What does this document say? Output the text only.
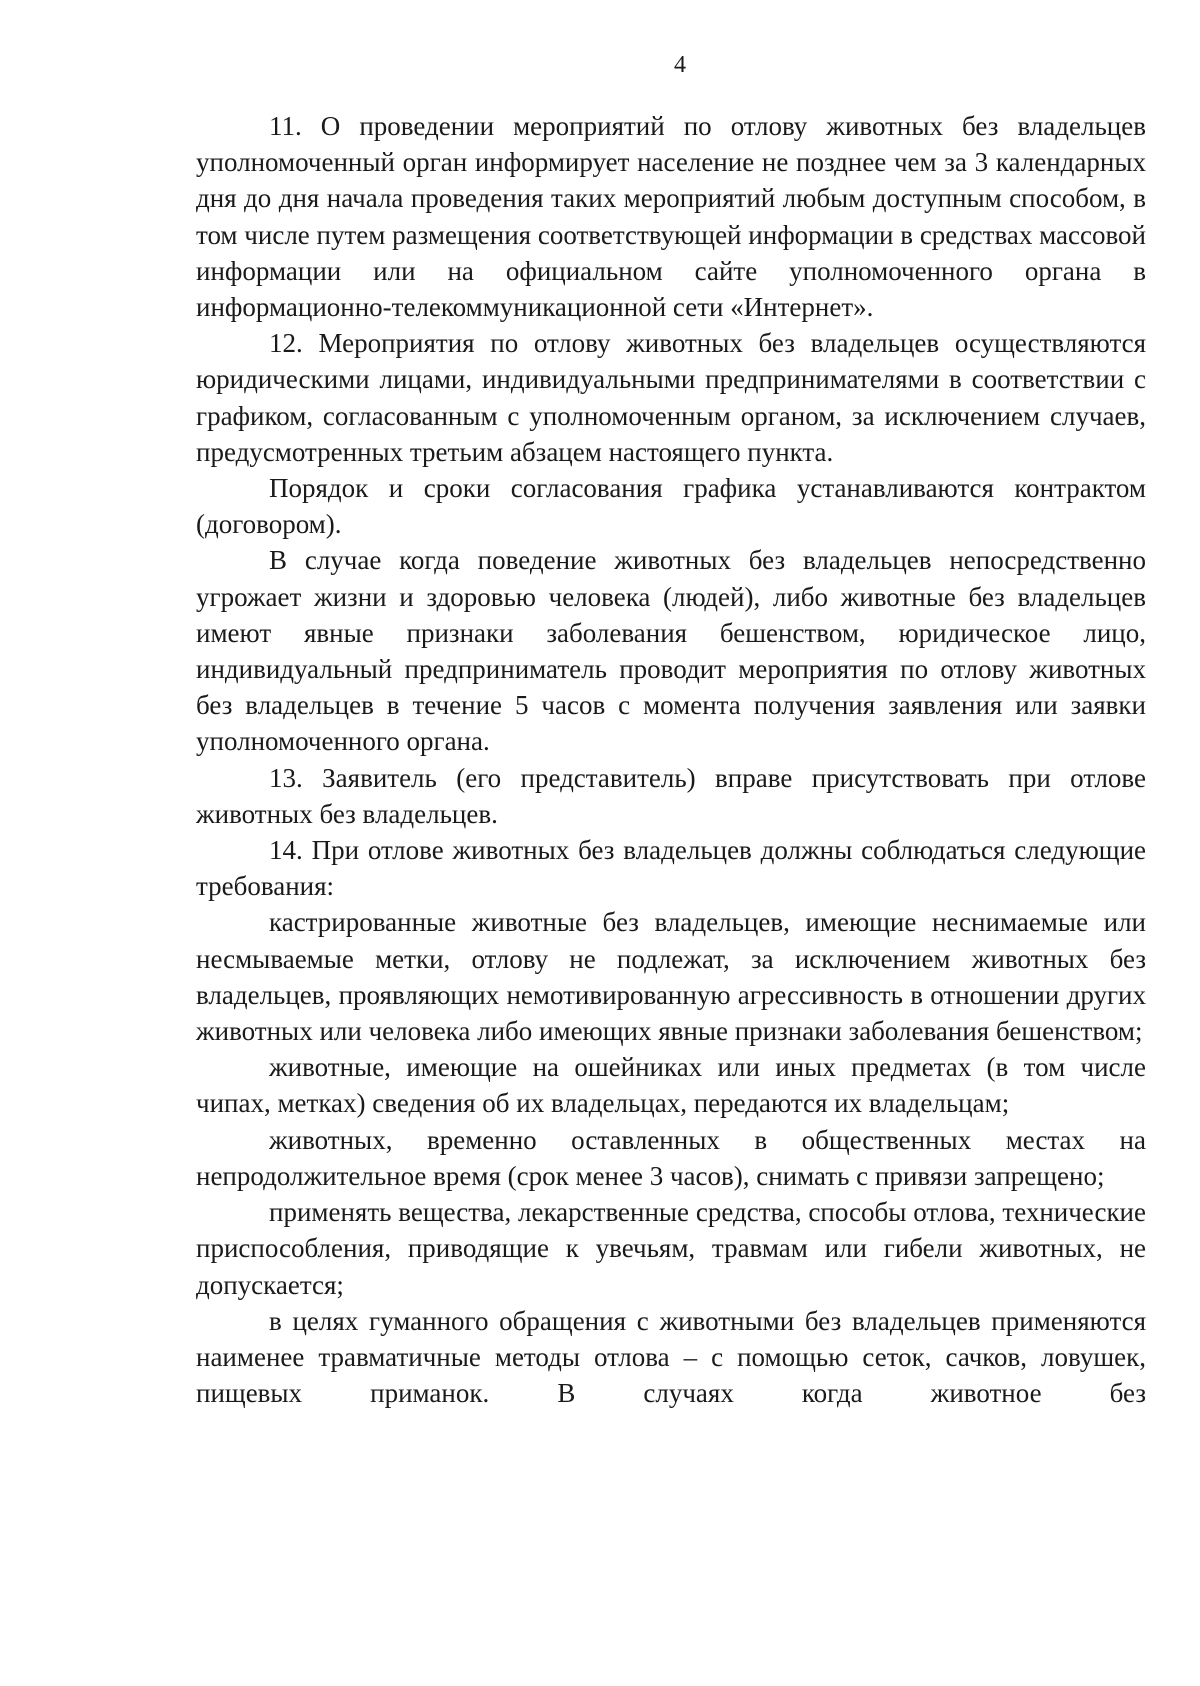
4

11. О проведении мероприятий по отлову животных без владельцев уполномоченный орган информирует население не позднее чем за 3 календарных дня до дня начала проведения таких мероприятий любым доступным способом, в том числе путем размещения соответствующей информации в средствах массовой информации или на официальном сайте уполномоченного органа в информационно-телекоммуникационной сети «Интернет».

12. Мероприятия по отлову животных без владельцев осуществляются юридическими лицами, индивидуальными предпринимателями в соответствии с графиком, согласованным с уполномоченным органом, за исключением случаев, предусмотренных третьим абзацем настоящего пункта.

Порядок и сроки согласования графика устанавливаются контрактом (договором).

В случае когда поведение животных без владельцев непосредственно угрожает жизни и здоровью человека (людей), либо животные без владельцев имеют явные признаки заболевания бешенством, юридическое лицо, индивидуальный предприниматель проводит мероприятия по отлову животных без владельцев в течение 5 часов с момента получения заявления или заявки уполномоченного органа.

13. Заявитель (его представитель) вправе присутствовать при отлове животных без владельцев.

14. При отлове животных без владельцев должны соблюдаться следующие требования:

кастрированные животные без владельцев, имеющие неснимаемые или несмываемые метки, отлову не подлежат, за исключением животных без владельцев, проявляющих немотивированную агрессивность в отношении других животных или человека либо имеющих явные признаки заболевания бешенством;

животные, имеющие на ошейниках или иных предметах (в том числе чипах, метках) сведения об их владельцах, передаются их владельцам;

животных, временно оставленных в общественных местах на непродолжительное время (срок менее 3 часов), снимать с привязи запрещено;

применять вещества, лекарственные средства, способы отлова, технические приспособления, приводящие к увечьям, травмам или гибели животных, не допускается;

в целях гуманного обращения с животными без владельцев применяются наименее травматичные методы отлова – с помощью сеток, сачков, ловушек, пищевых приманок. В случаях когда животное без
